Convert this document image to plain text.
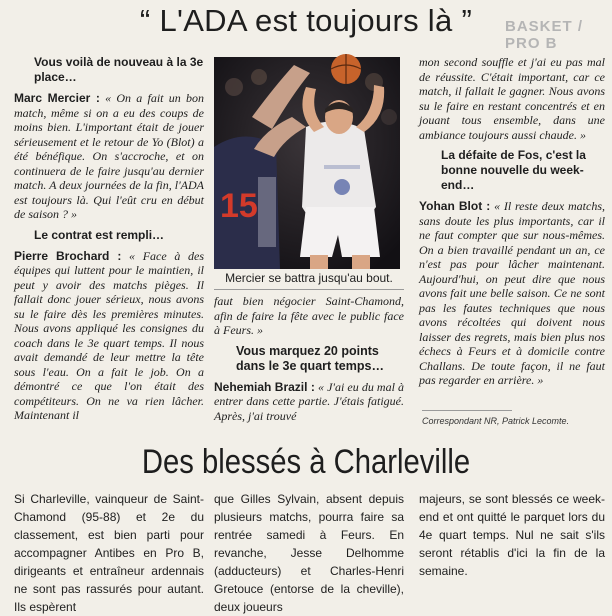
“ L'ADA est toujours là ”	BASKET / PRO B

Vous voilà de nouveau à la 3e place…

Marc Mercier : « On a fait un bon match, même si on a eu des coups de moins bien. L'important était de jouer sérieusement et le retour de Yo (Blot) a été bénéfique. On s'accroche, et on continuera de le faire jusqu'au dernier match. A deux journées de la fin, l'ADA est toujours là. Qui l'eût cru en début de saison ? »

Le contrat est rempli…

Pierre Brochard : « Face à des équipes qui luttent pour le maintien, il peut y avoir des matchs pièges. Il fallait donc jouer sérieux, nous avons su le faire dès les premières minutes. Nous avons appliqué les consignes du coach dans le 3e quart temps. Il nous avait demandé de leur mettre la tête sous l'eau. On a fait le job. On a démontré ce que l'on était des compétiteurs. On ne va rien lâcher. Maintenant il

15
Mercier se battra jusqu'au bout.

faut bien négocier Saint-Chamond, afin de faire la fête avec le public face à Feurs. »

Vous marquez 20 points dans le 3e quart temps…

Nehemiah Brazil : « J'ai eu du mal à entrer dans cette partie. J'étais fatigué. Après, j'ai trouvé

mon second souffle et j'ai eu pas mal de réussite. C'était important, car ce match, il fallait le gagner. Nous avons su le faire en restant concentrés et en jouant tous ensemble, dans une ambiance toujours aussi chaude. »

La défaite de Fos, c'est la bonne nouvelle du week-end…

Yohan Blot : « Il reste deux matchs, sans doute les plus importants, car il ne faut compter que sur nous-mêmes. On a bien travaillé pendant un an, ce n'est pas pour lâcher maintenant. Aujourd'hui, on peut dire que nous avons fait une belle saison. Ce ne sont pas les fautes techniques que nous avons récoltées qui doivent nous laisser des regrets, mais bien plus nos échecs à Feurs et à domicile contre Challans. De toute façon, il ne faut pas regarder en arrière. »

Correspondant NR, Patrick Lecomte.
Des blessés à Charleville
Si Charleville, vainqueur de Saint-Chamond (95-88) et 2e du classement, est bien parti pour accompagner Antibes en Pro B, dirigeants et entraîneur ardennais ne sont pas rassurés pour autant. Ils espèrent
que Gilles Sylvain, absent depuis plusieurs matchs, pourra faire sa rentrée samedi à Feurs. En revanche, Jesse Delhomme (adducteurs) et Charles-Henri Gretouce (entorse de la cheville), deux joueurs
majeurs, se sont blessés ce week-end et ont quitté le parquet lors du 4e quart temps. Nul ne sait s'ils seront rétablis d'ici la fin de la semaine.
